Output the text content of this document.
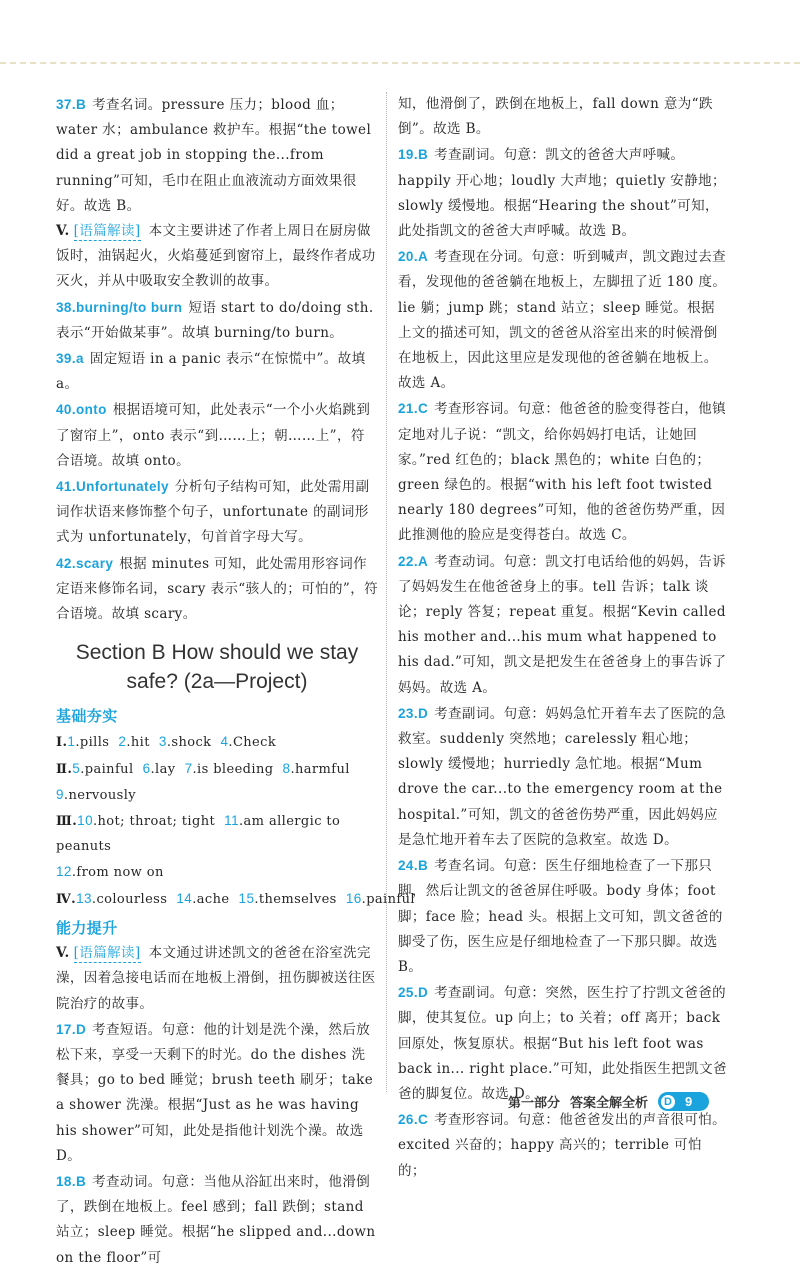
37.B 考查名词。pressure 压力；blood 血；water 水；ambulance 救护车。根据“the towel did a great job in stopping the...from running”可知，毛巾在阻止血液流动方面效果很好。故选 B。

V. [语篇解读] 本文主要讲述了作者上周日在厨房做饭时，油锅起火，火焰蔓延到窗帘上，最终作者成功灭火，并从中吸取安全教训的故事。

38.burning/to burn 短语 start to do/doing sth.表示“开始做某事”。故填 burning/to burn。

39.a 固定短语 in a panic 表示“在惊慌中”。故填 a。

40.onto 根据语境可知，此处表示“一个小火焰跳到了窗帘上”，onto 表示“到……上；朝……上”，符合语境。故填 onto。

41.Unfortunately 分析句子结构可知，此处需用副词作状语来修饰整个句子，unfortunate 的副词形式为 unfortunately，句首首字母大写。

42.scary 根据 minutes 可知，此处需用形容词作定语来修饰名词，scary 表示“骇人的；可怕的”，符合语境。故填 scary。

Section B How should we stay
safe? (2a—Project)
基础夯实
Ⅰ.1.pills 2.hit 3.shock 4.Check
Ⅱ.5.painful 6.lay 7.is bleeding 8.harmful
9.nervously
Ⅲ.10.hot; throat; tight 11.am allergic to peanuts
12.from now on
Ⅳ.13.colourless 14.ache 15.themselves 16.painful
能力提升

V. [语篇解读] 本文通过讲述凯文的爸爸在浴室洗完澡，因着急接电话而在地板上滑倒，扭伤脚被送往医院治疗的故事。

17.D 考查短语。句意：他的计划是洗个澡，然后放松下来，享受一天剩下的时光。do the dishes 洗餐具；go to bed 睡觉；brush teeth 刷牙；take a shower 洗澡。根据“Just as he was having his shower”可知，此处是指他计划洗个澡。故选 D。

18.B 考查动词。句意：当他从浴缸出来时，他滑倒了，跌倒在地板上。feel 感到；fall 跌倒；stand 站立；sleep 睡觉。根据“he slipped and...down on the floor”可

知，他滑倒了，跌倒在地板上，fall down 意为“跌倒”。故选 B。

19.B 考查副词。句意：凯文的爸爸大声呼喊。happily 开心地；loudly 大声地；quietly 安静地；slowly 缓慢地。根据“Hearing the shout”可知，此处指凯文的爸爸大声呼喊。故选 B。

20.A 考查现在分词。句意：听到喊声，凯文跑过去查看，发现他的爸爸躺在地板上，左脚扭了近 180 度。lie 躺；jump 跳；stand 站立；sleep 睡觉。根据上文的描述可知，凯文的爸爸从浴室出来的时候滑倒在地板上，因此这里应是发现他的爸爸躺在地板上。故选 A。

21.C 考查形容词。句意：他爸爸的脸变得苍白，他镇定地对儿子说：“凯文，给你妈妈打电话，让她回家。”red 红色的；black 黑色的；white 白色的；green 绿色的。根据“with his left foot twisted nearly 180 degrees”可知，他的爸爸伤势严重，因此推测他的脸应是变得苍白。故选 C。

22.A 考查动词。句意：凯文打电话给他的妈妈，告诉了妈妈发生在他爸爸身上的事。tell 告诉；talk 谈论；reply 答复；repeat 重复。根据“Kevin called his mother and...his mum what happened to his dad.”可知，凯文是把发生在爸爸身上的事告诉了妈妈。故选 A。

23.D 考查副词。句意：妈妈急忙开着车去了医院的急救室。suddenly 突然地；carelessly 粗心地；slowly 缓慢地；hurriedly 急忙地。根据“Mum drove the car...to the emergency room at the hospital.”可知，凯文的爸爸伤势严重，因此妈妈应是急忙地开着车去了医院的急救室。故选 D。

24.B 考查名词。句意：医生仔细地检查了一下那只脚，然后让凯文的爸爸屏住呼吸。body 身体；foot 脚；face 脸；head 头。根据上文可知，凯文爸爸的脚受了伤，医生应是仔细地检查了一下那只脚。故选 B。

25.D 考查副词。句意：突然，医生拧了拧凯文爸爸的脚，使其复位。up 向上；to 关着；off 离开；back 回原处，恢复原状。根据“But his left foot was back in... right place.”可知，此处指医生把凯文爸爸的脚复位。故选 D。

26.C 考查形容词。句意：他爸爸发出的声音很可怕。excited 兴奋的；happy 高兴的；terrible 可怕的；

第一部分 答案全解全析 D 9
